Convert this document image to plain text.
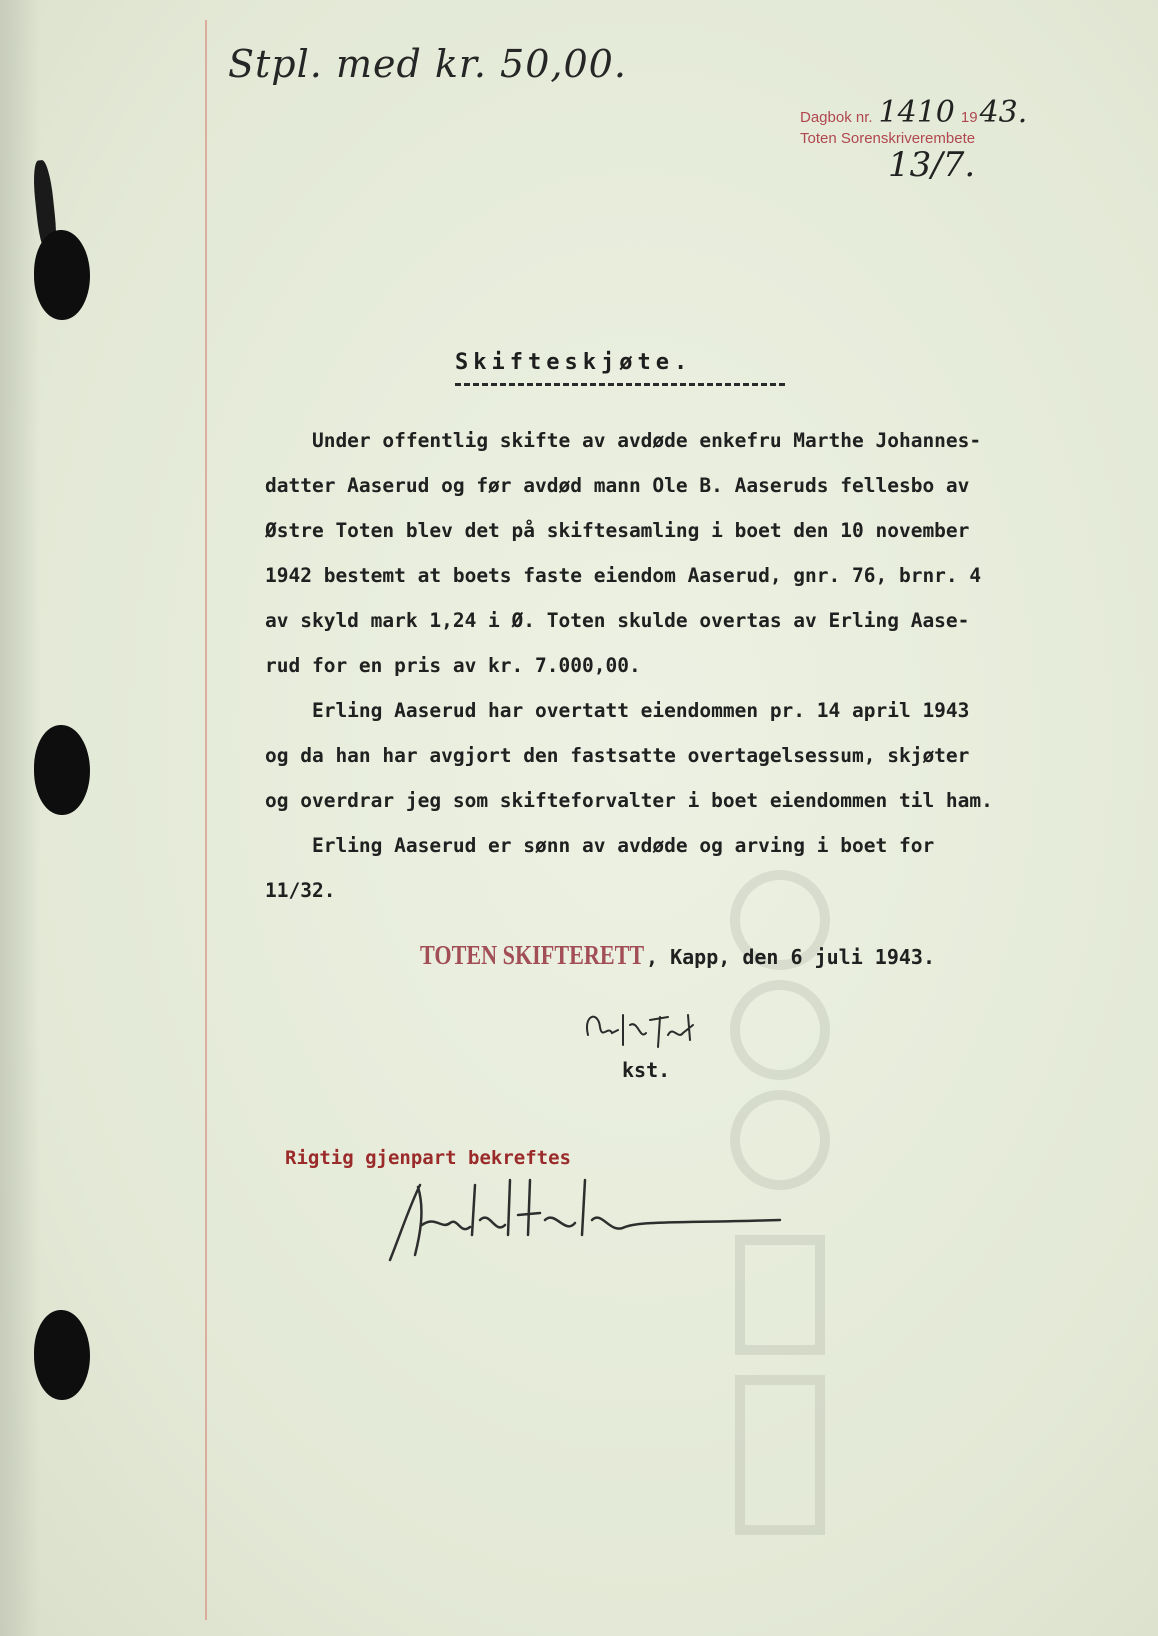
Stpl. med kr. 50,00.
Dagbok nr. 1410 19 43.
Toten Sorenskriverembete
13/7.
Skifteskjøte.
Under offentlig skifte av avdøde enkefru Marthe Johannes-
datter Aaserud og før avdød mann Ole B. Aaseruds fellesbo av
Østre Toten blev det på skiftesamling i boet den 10 november
1942 bestemt at boets faste eiendom Aaserud, gnr. 76, brnr. 4
av skyld mark 1,24 i Ø. Toten skulde overtas av Erling Aase-
rud for en pris av kr. 7.000,00.
Erling Aaserud har overtatt eiendommen pr. 14 april 1943
og da han har avgjort den fastsatte overtagelsessum, skjøter
og overdrar jeg som skifteforvalter i boet eiendommen til ham.
Erling Aaserud er sønn av avdøde og arving i boet for
11/32.
TOTEN SKIFTERETT , Kapp, den 6 juli 1943.
kst.
Rigtig gjenpart bekreftes
